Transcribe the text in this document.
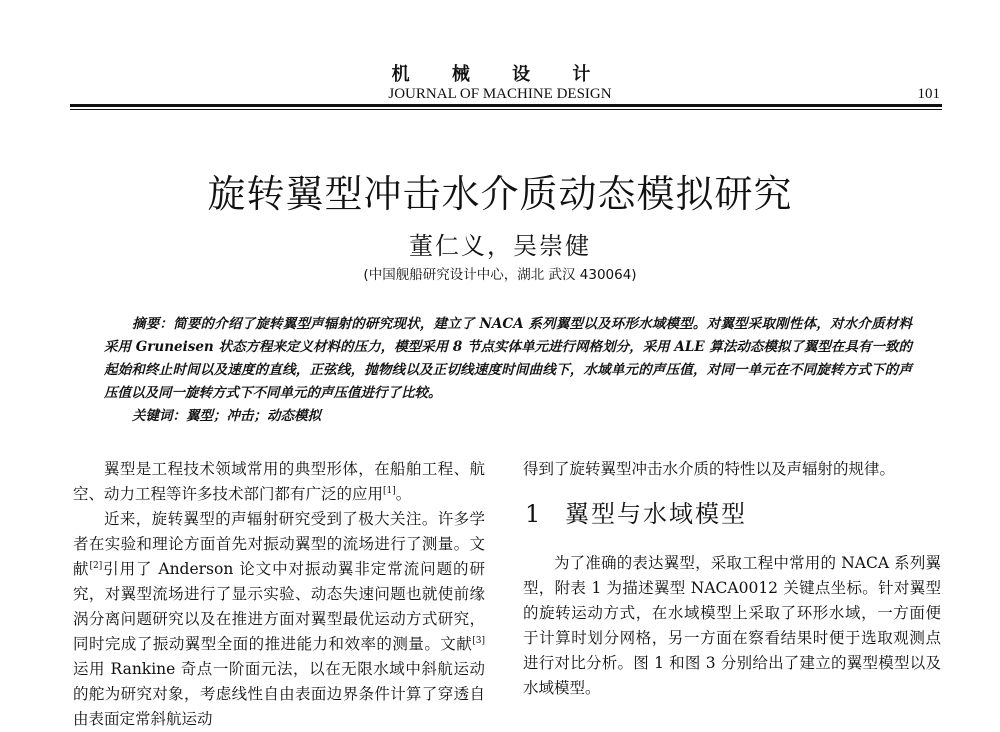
机 械 设 计
JOURNAL OF MACHINE DESIGN	101
旋转翼型冲击水介质动态模拟研究
董仁义，吴崇健
(中国舰船研究设计中心，湖北 武汉 430064)

摘要：简要的介绍了旋转翼型声辐射的研究现状，建立了 NACA 系列翼型以及环形水域模型。对翼型采取刚性体，对水介质材料采用 Gruneisen 状态方程来定义材料的压力，模型采用 8 节点实体单元进行网格划分，采用 ALE 算法动态模拟了翼型在具有一致的起始和终止时间以及速度的直线，正弦线，抛物线以及正切线速度时间曲线下，水域单元的声压值，对同一单元在不同旋转方式下的声压值以及同一旋转方式下不同单元的声压值进行了比较。

关键词：翼型；冲击；动态模拟

翼型是工程技术领域常用的典型形体，在船舶工程、航空、动力工程等许多技术部门都有广泛的应用[1]。

近来，旋转翼型的声辐射研究受到了极大关注。许多学者在实验和理论方面首先对振动翼型的流场进行了测量。文献[2]引用了 Anderson 论文中对振动翼非定常流问题的研究，对翼型流场进行了显示实验、动态失速问题也就使前缘涡分离问题研究以及在推进方面对翼型最优运动方式研究，同时完成了振动翼型全面的推进能力和效率的测量。文献[3]运用 Rankine 奇点一阶面元法，以在无限水域中斜航运动的舵为研究对象，考虑线性自由表面边界条件计算了穿透自由表面定常斜航运动

得到了旋转翼型冲击水介质的特性以及声辐射的规律。

1 翼型与水域模型

为了准确的表达翼型，采取工程中常用的 NACA 系列翼型，附表 1 为描述翼型 NACA0012 关键点坐标。针对翼型的旋转运动方式，在水域模型上采取了环形水域，一方面便于计算时划分网格，另一方面在察看结果时便于选取观测点进行对比分析。图 1 和图 3 分别给出了建立的翼型模型以及水域模型。
